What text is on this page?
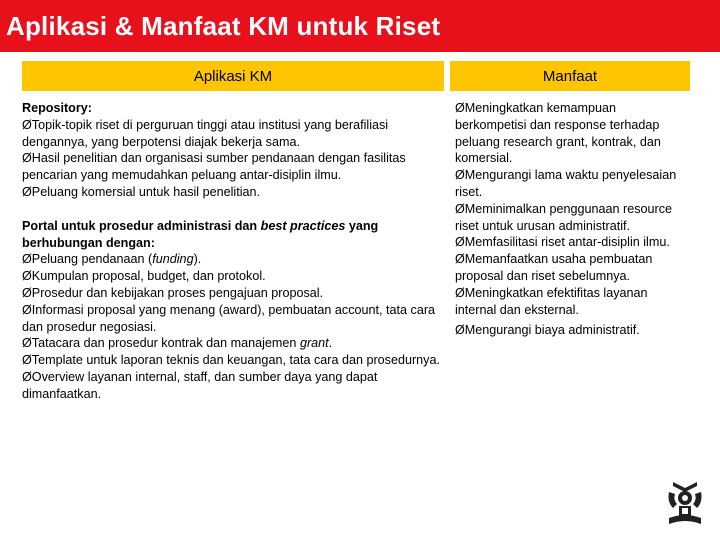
Aplikasi & Manfaat KM untuk Riset
Aplikasi KM	Manfaat

Repository:

ØTopik-topik riset di perguruan tinggi atau institusi yang berafiliasi dengannya, yang berpotensi diajak bekerja sama.

ØHasil penelitian dan organisasi sumber pendanaan dengan fasilitas pencarian yang memudahkan peluang antar-disiplin ilmu.

ØPeluang komersial untuk hasil penelitian.

Portal untuk prosedur administrasi dan best practices yang berhubungan dengan:

ØPeluang pendanaan (funding).

ØKumpulan proposal, budget, dan protokol.

ØProsedur dan kebijakan proses pengajuan proposal.

ØInformasi proposal yang menang (award), pembuatan account, tata cara dan prosedur negosiasi.

ØTatacara dan prosedur kontrak dan manajemen grant.

ØTemplate untuk laporan teknis dan keuangan, tata cara dan prosedurnya.

ØOverview layanan internal, staff, dan sumber daya yang dapat dimanfaatkan.

ØMeningkatkan kemampuan berkompetisi dan response terhadap peluang research grant, kontrak, dan komersial.

ØMengurangi lama waktu penyelesaian riset.

ØMeminimalkan penggunaan resource riset untuk urusan administratif.

ØMemfasilitasi riset antar-disiplin ilmu.

ØMemanfaatkan usaha pembuatan proposal dan riset sebelumnya.

ØMeningkatkan efektifitas layanan internal dan eksternal.

ØMengurangi biaya administratif.
